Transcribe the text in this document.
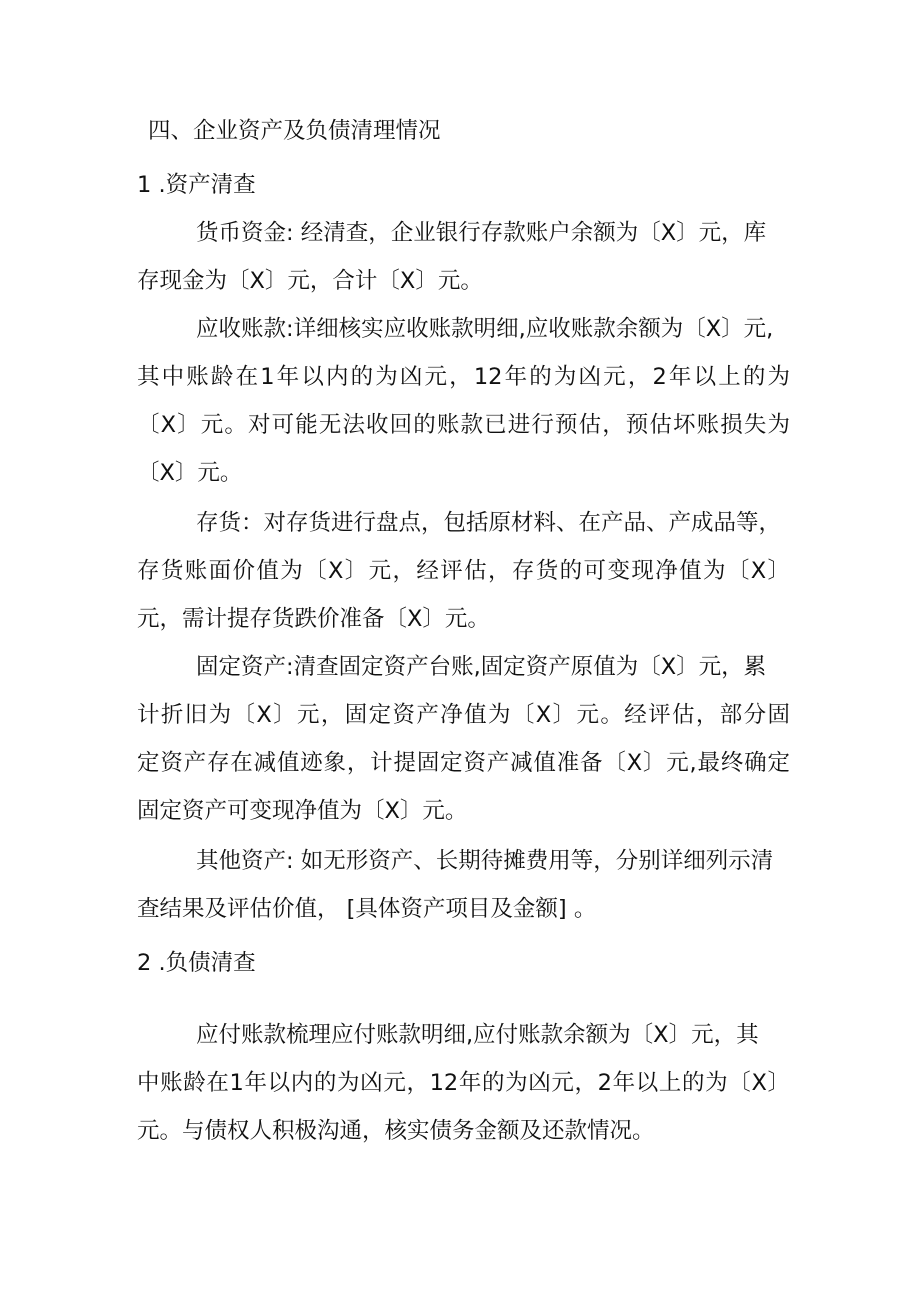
四、企业资产及负债清理情况
1 .资产清查
货币资金: 经清查，企业银行存款账户余额为〔X〕元，库
存现金为〔X〕元，合计〔X〕元。
应收账款:详细核实应收账款明细,应收账款余额为〔X〕元,
其中账龄在1年以内的为凶元，12年的为凶元，2年以上的为
〔X〕元。对可能无法收回的账款已进行预估，预估坏账损失为
〔X〕元。
存货：对存货进行盘点，包括原材料、在产品、产成品等，
存货账面价值为〔X〕元，经评估，存货的可变现净值为〔X〕
元，需计提存货跌价准备〔X〕元。
固定资产:清查固定资产台账,固定资产原值为〔X〕元，累
计折旧为〔X〕元，固定资产净值为〔X〕元。经评估，部分固
定资产存在减值迹象，计提固定资产减值准备〔X〕元,最终确定
固定资产可变现净值为〔X〕元。
其他资产: 如无形资产、长期待摊费用等，分别详细列示清
查结果及评估价值， [具体资产项目及金额] 。
2 .负债清查
应付账款梳理应付账款明细,应付账款余额为〔X〕元，其
中账龄在1年以内的为凶元，12年的为凶元，2年以上的为〔X〕
元。与债权人积极沟通，核实债务金额及还款情况。
